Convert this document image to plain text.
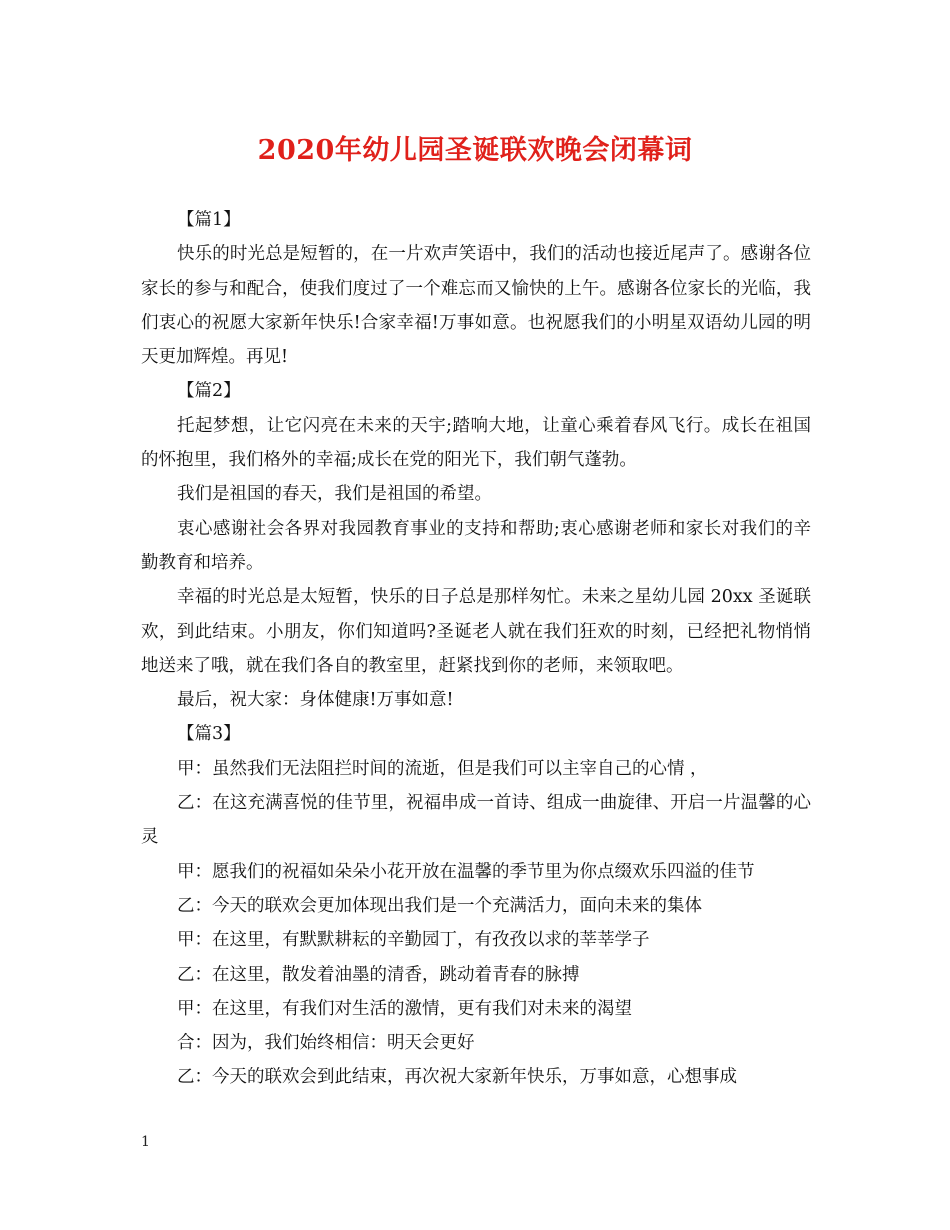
2020年幼儿园圣诞联欢晚会闭幕词

【篇1】

快乐的时光总是短暂的，在一片欢声笑语中，我们的活动也接近尾声了。感谢各位家长的参与和配合，使我们度过了一个难忘而又愉快的上午。感谢各位家长的光临，我们衷心的祝愿大家新年快乐!合家幸福!万事如意。也祝愿我们的小明星双语幼儿园的明天更加辉煌。再见!

【篇2】

托起梦想，让它闪亮在未来的天宇;踏响大地，让童心乘着春风飞行。成长在祖国的怀抱里，我们格外的幸福;成长在党的阳光下，我们朝气蓬勃。

我们是祖国的春天，我们是祖国的希望。

衷心感谢社会各界对我园教育事业的支持和帮助;衷心感谢老师和家长对我们的辛勤教育和培养。

幸福的时光总是太短暂，快乐的日子总是那样匆忙。未来之星幼儿园 20xx 圣诞联欢，到此结束。小朋友，你们知道吗?圣诞老人就在我们狂欢的时刻，已经把礼物悄悄地送来了哦，就在我们各自的教室里，赶紧找到你的老师，来领取吧。

最后，祝大家：身体健康!万事如意!

【篇3】

甲：虽然我们无法阻拦时间的流逝，但是我们可以主宰自己的心情 ，

乙：在这充满喜悦的佳节里，祝福串成一首诗、组成一曲旋律、开启一片温馨的心灵

甲：愿我们的祝福如朵朵小花开放在温馨的季节里为你点缀欢乐四溢的佳节

乙：今天的联欢会更加体现出我们是一个充满活力，面向未来的集体

甲：在这里，有默默耕耘的辛勤园丁，有孜孜以求的莘莘学子

乙：在这里，散发着油墨的清香，跳动着青春的脉搏

甲：在这里，有我们对生活的激情，更有我们对未来的渴望

合：因为，我们始终相信：明天会更好

乙：今天的联欢会到此结束，再次祝大家新年快乐，万事如意，心想事成

1
